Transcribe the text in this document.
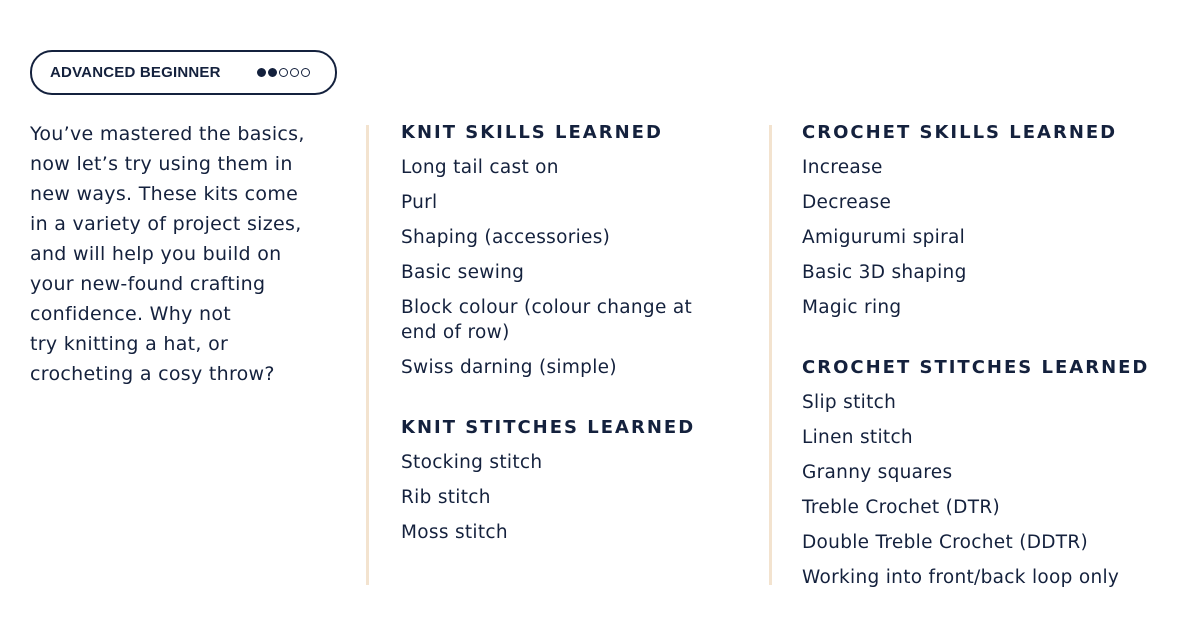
ADVANCED BEGINNER

You’ve mastered the basics,
now let’s try using them in
new ways. These kits come
in a variety of project sizes,
and will help you build on
your new-found crafting
confidence. Why not
try knitting a hat, or
crocheting a cosy throw?

KNIT SKILLS LEARNED
Long tail cast on
Purl
Shaping (accessories)
Basic sewing
Block colour (colour change at end of row)
Swiss darning (simple)
KNIT STITCHES LEARNED
Stocking stitch
Rib stitch
Moss stitch
CROCHET SKILLS LEARNED
Increase
Decrease
Amigurumi spiral
Basic 3D shaping
Magic ring
CROCHET STITCHES LEARNED
Slip stitch
Linen stitch
Granny squares
Treble Crochet (DTR)
Double Treble Crochet (DDTR)
Working into front/back loop only
